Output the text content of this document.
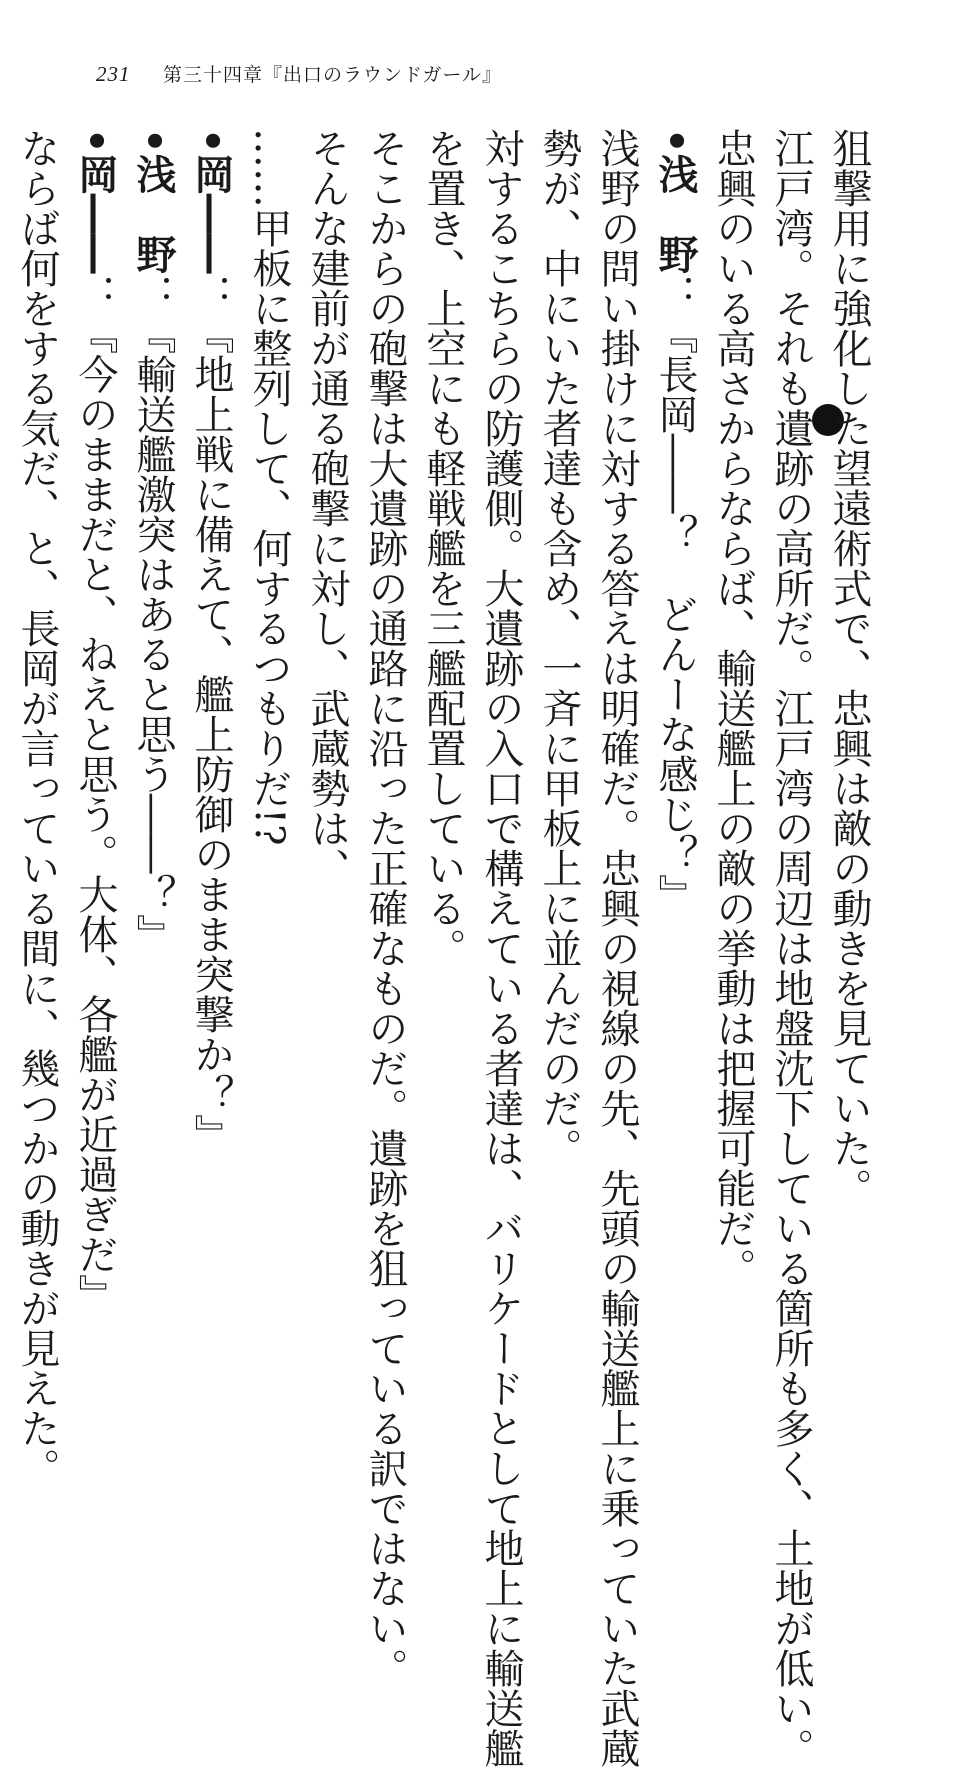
231 第三十四章『出口のラウンドガール』
狙撃用に強化した望遠術式で、忠興は敵の動きを見ていた。
江戸湾。それも遺跡の高所だ。江戸湾の周辺は地盤沈下している箇所も多く、土地が低い。
忠興のいる高さからならば、輸送艦上の敵の挙動は把握可能だ。
•浅　野：『長岡――？　どんーな感じ？』
浅野の問い掛けに対する答えは明確だ。忠興の視線の先、先頭の輸送艦上に乗っていた武蔵
勢が、中にいた者達も含め、一斉に甲板上に並んだのだ。
対するこちらの防護側。大遺跡の入口で構えている者達は、バリケードとして地上に輸送艦
を置き、上空にも軽戦艦を三艦配置している。
そこからの砲撃は大遺跡の通路に沿った正確なものだ。遺跡を狙っている訳ではない。
そんな建前が通る砲撃に対し、武蔵勢は、
……甲板に整列して、何するつもりだ!?
•岡――：『地上戦に備えて、艦上防御のまま突撃か？』
•浅　野：『輸送艦激突はあると思う――？』
•岡――：『今のままだと、ねえと思う。大体、各艦が近過ぎだ』
ならば何をする気だ、と、長岡が言っている間に、幾つかの動きが見えた。
